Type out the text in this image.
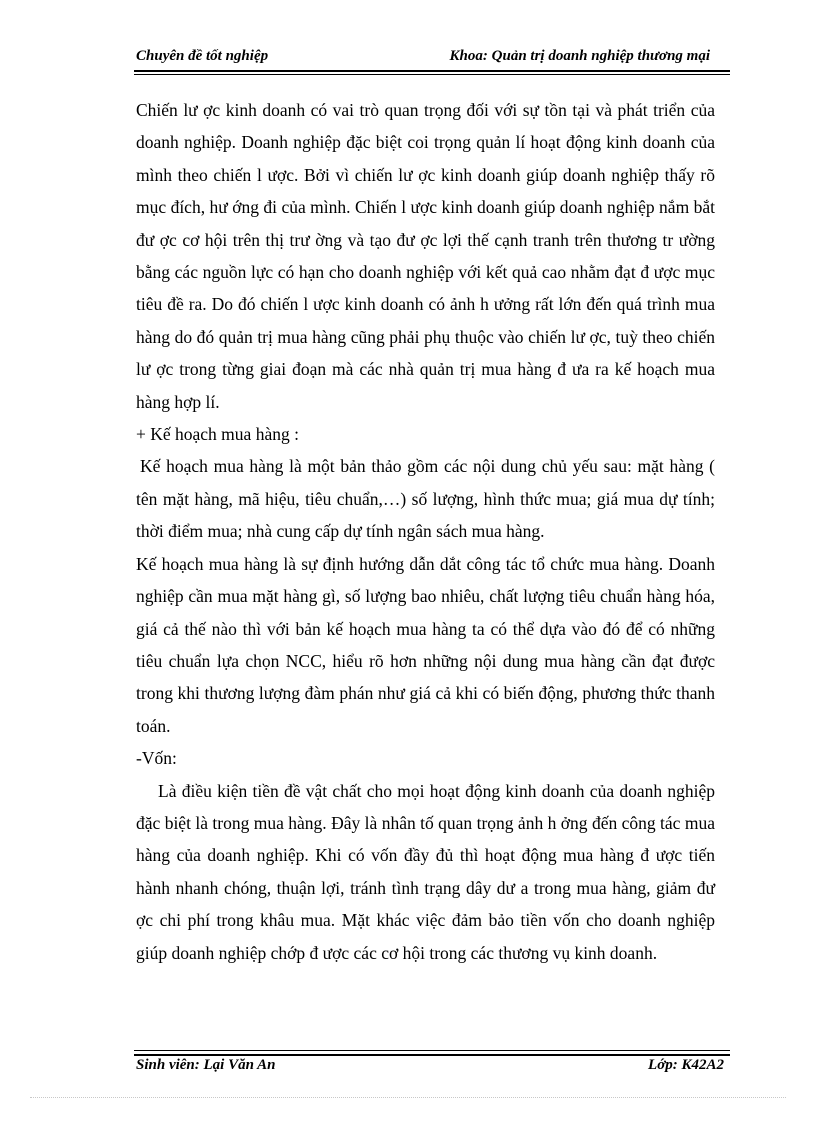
Chuyên đề tốt nghiệp	Khoa: Quản trị doanh nghiệp thương mại

Chiến lư ợc kinh doanh có vai trò quan trọng đối với sự tồn tại và phát triển của doanh nghiệp. Doanh nghiệp đặc biệt coi trọng quản lí hoạt động kinh doanh của mình theo chiến l ược. Bởi vì chiến lư ợc kinh doanh giúp doanh nghiệp thấy rõ mục đích, hư ớng đi của mình. Chiến l ược kinh doanh giúp doanh nghiệp nắm bắt đư ợc cơ hội trên thị trư ờng và tạo đư ợc lợi thế cạnh tranh trên thương tr ường bằng các nguồn lực có hạn cho doanh nghiệp với kết quả cao nhằm đạt đ ược mục tiêu đề ra. Do đó chiến l ược kinh doanh có ảnh h ưởng rất lớn đến quá trình mua hàng do đó quản trị mua hàng cũng phải phụ thuộc vào chiến lư ợc, tuỳ theo chiến lư ợc trong từng giai đoạn mà các nhà quản trị mua hàng đ ưa ra kế hoạch mua hàng hợp lí.

+ Kế hoạch mua hàng :

Kế hoạch mua hàng là một bản thảo gồm các nội dung chủ yếu sau: mặt hàng ( tên mặt hàng, mã hiệu, tiêu chuẩn,…) số lượng, hình thức mua; giá mua dự tính; thời điểm mua; nhà cung cấp dự tính ngân sách mua hàng.

Kế hoạch mua hàng là sự định hướng dẫn dắt công tác tổ chức mua hàng. Doanh nghiệp cần mua mặt hàng gì, số lượng bao nhiêu, chất lượng tiêu chuẩn hàng hóa, giá cả thế nào thì với bản kế hoạch mua hàng ta có thể dựa vào đó để có những tiêu chuẩn lựa chọn NCC, hiểu rõ hơn những nội dung mua hàng cần đạt được trong khi thương lượng đàm phán như giá cả khi có biến động, phương thức thanh toán.

-Vốn:

Là điều kiện tiền đề vật chất cho mọi hoạt động kinh doanh của doanh nghiệp đặc biệt là trong mua hàng. Đây là nhân tố quan trọng ảnh h ởng đến công tác mua hàng của doanh nghiệp. Khi có vốn đầy đủ thì hoạt động mua hàng đ ược tiến hành nhanh chóng, thuận lợi, tránh tình trạng dây dư a trong mua hàng, giảm đư ợc chi phí trong khâu mua. Mặt khác việc đảm bảo tiền vốn cho doanh nghiệp giúp doanh nghiệp chớp đ ược các cơ hội trong các thương vụ kinh doanh.

Sinh viên: Lại Văn An	Lớp: K42A2
